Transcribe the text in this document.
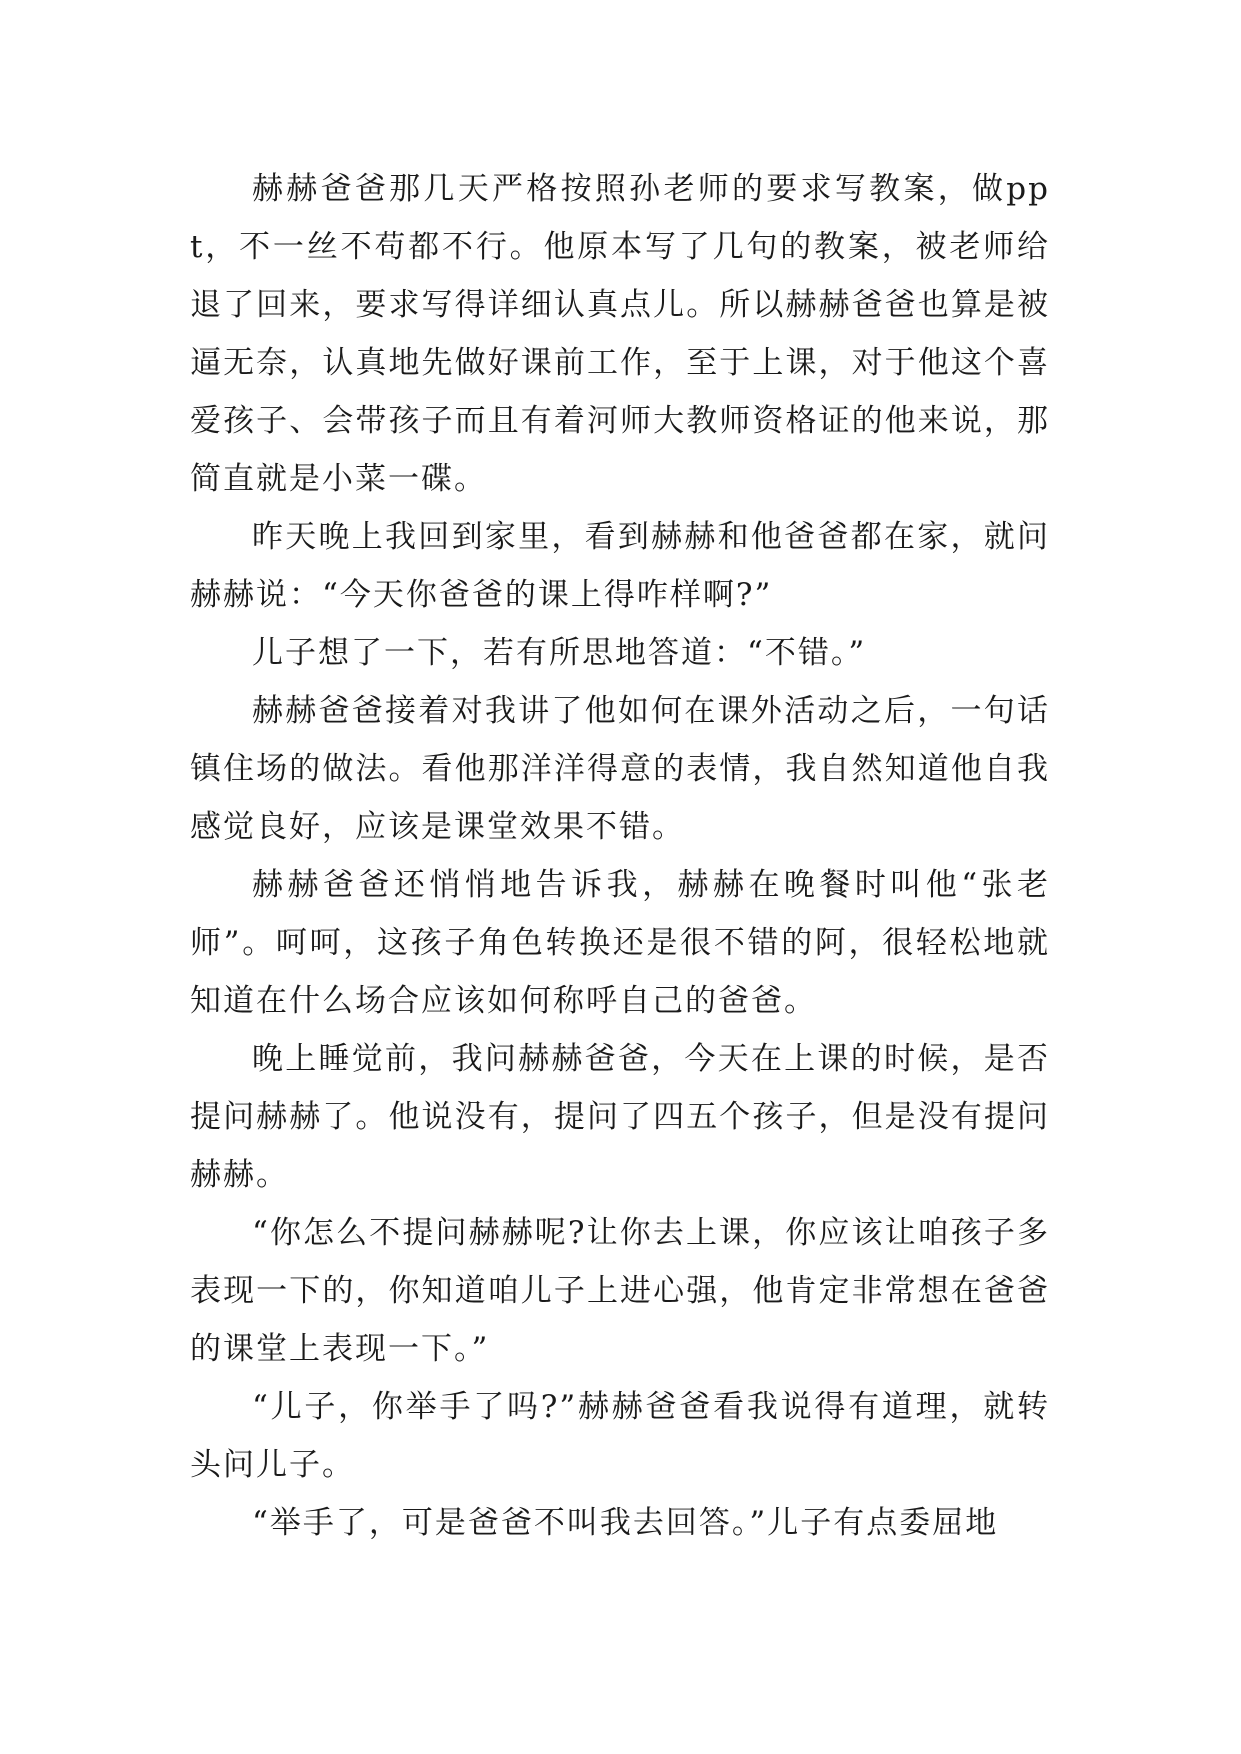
赫赫爸爸那几天严格按照孙老师的要求写教案，做ppt，不一丝不苟都不行。他原本写了几句的教案，被老师给退了回来，要求写得详细认真点儿。所以赫赫爸爸也算是被逼无奈，认真地先做好课前工作，至于上课，对于他这个喜爱孩子、会带孩子而且有着河师大教师资格证的他来说，那简直就是小菜一碟。

昨天晚上我回到家里，看到赫赫和他爸爸都在家，就问赫赫说：“今天你爸爸的课上得咋样啊?”

儿子想了一下，若有所思地答道：“不错。”

赫赫爸爸接着对我讲了他如何在课外活动之后，一句话镇住场的做法。看他那洋洋得意的表情，我自然知道他自我感觉良好，应该是课堂效果不错。

赫赫爸爸还悄悄地告诉我，赫赫在晚餐时叫他“张老师”。呵呵，这孩子角色转换还是很不错的阿，很轻松地就知道在什么场合应该如何称呼自己的爸爸。

晚上睡觉前，我问赫赫爸爸，今天在上课的时候，是否提问赫赫了。他说没有，提问了四五个孩子，但是没有提问赫赫。

“你怎么不提问赫赫呢?让你去上课，你应该让咱孩子多表现一下的，你知道咱儿子上进心强，他肯定非常想在爸爸的课堂上表现一下。”

“儿子，你举手了吗?”赫赫爸爸看我说得有道理，就转头问儿子。

“举手了，可是爸爸不叫我去回答。”儿子有点委屈地
